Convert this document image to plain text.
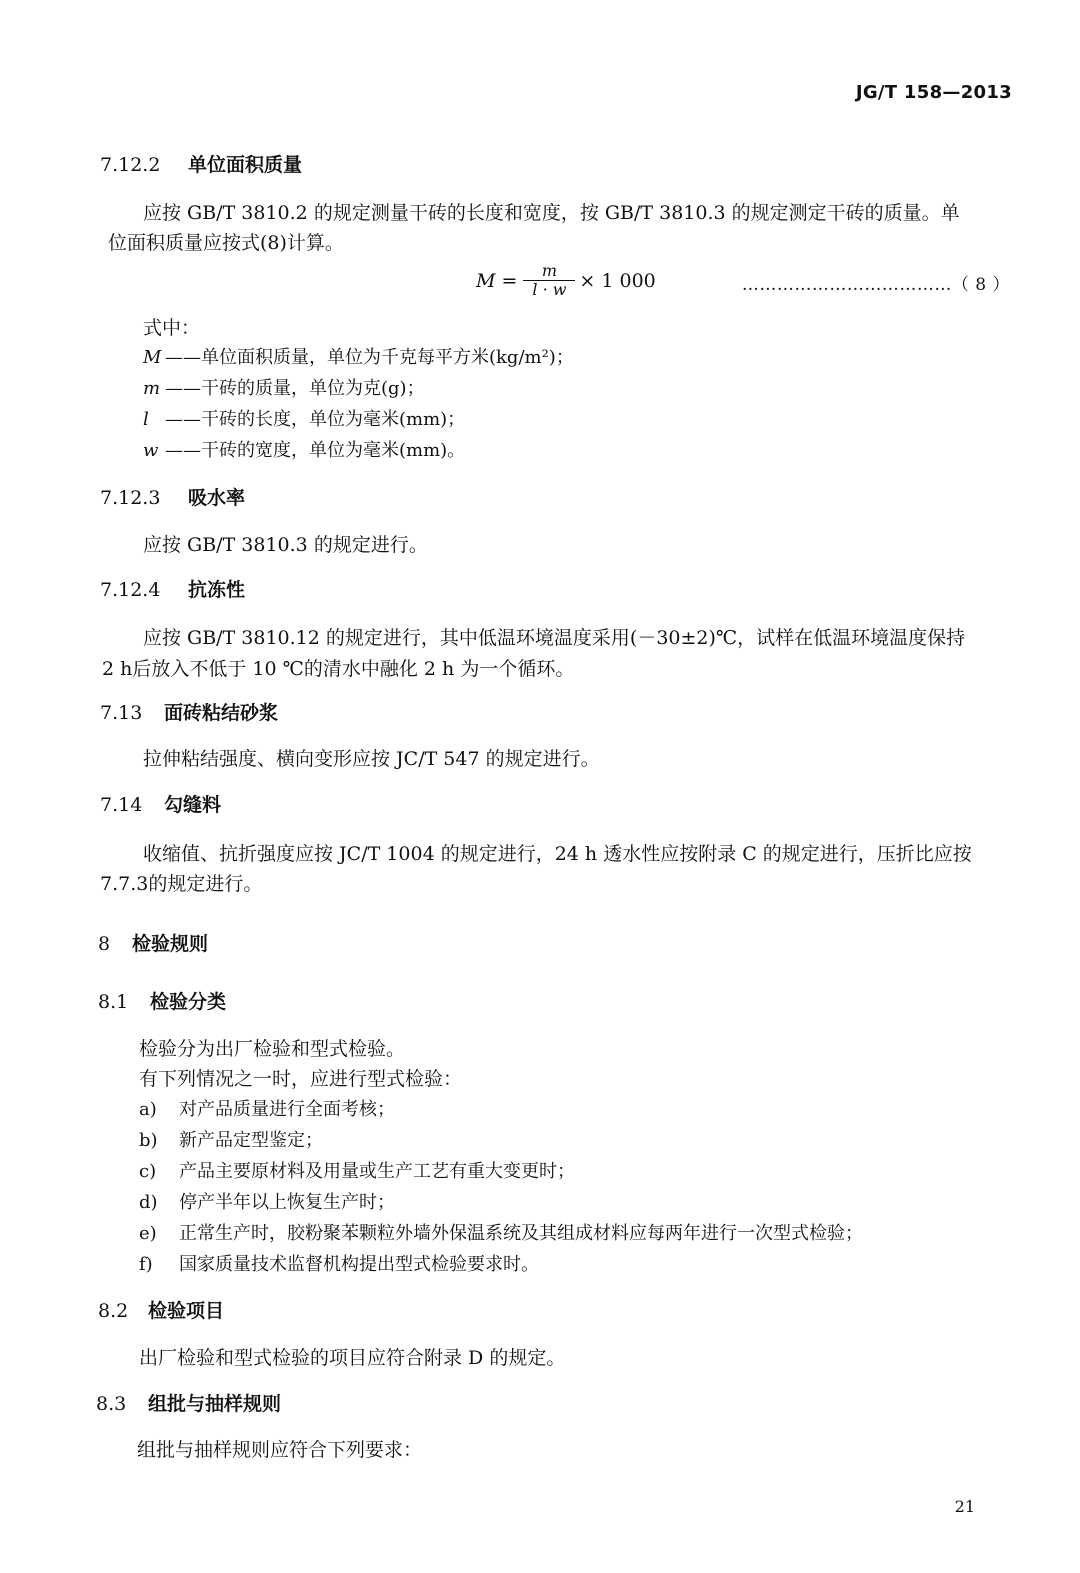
JG/T 158—2013
7.12.2 单位面积质量
应按 GB/T 3810.2 的规定测量干砖的长度和宽度，按 GB/T 3810.3 的规定测定干砖的质量。单
位面积质量应按式(8)计算。
$M = \frac{m}{l \cdot w} \times 1$ 000	………………………………（ 8 ）
式中：
M ——单位面积质量，单位为千克每平方米(kg/m²)；
m ——干砖的质量，单位为克(g)；
l ——干砖的长度，单位为毫米(mm)；
w ——干砖的宽度，单位为毫米(mm)。
7.12.3 吸水率
应按 GB/T 3810.3 的规定进行。
7.12.4 抗冻性
应按 GB/T 3810.12 的规定进行，其中低温环境温度采用(－30±2)℃，试样在低温环境温度保持
2 h后放入不低于 10 ℃的清水中融化 2 h 为一个循环。
7.13 面砖粘结砂浆
拉伸粘结强度、横向变形应按 JC/T 547 的规定进行。
7.14 勾缝料
收缩值、抗折强度应按 JC/T 1004 的规定进行，24 h 透水性应按附录 C 的规定进行，压折比应按
7.7.3的规定进行。
8 检验规则
8.1 检验分类
检验分为出厂检验和型式检验。
有下列情况之一时，应进行型式检验：
a) 对产品质量进行全面考核；
b) 新产品定型鉴定；
c) 产品主要原材料及用量或生产工艺有重大变更时；
d) 停产半年以上恢复生产时；
e) 正常生产时，胶粉聚苯颗粒外墙外保温系统及其组成材料应每两年进行一次型式检验；
f) 国家质量技术监督机构提出型式检验要求时。
8.2 检验项目
出厂检验和型式检验的项目应符合附录 D 的规定。
8.3 组批与抽样规则
组批与抽样规则应符合下列要求：
21
